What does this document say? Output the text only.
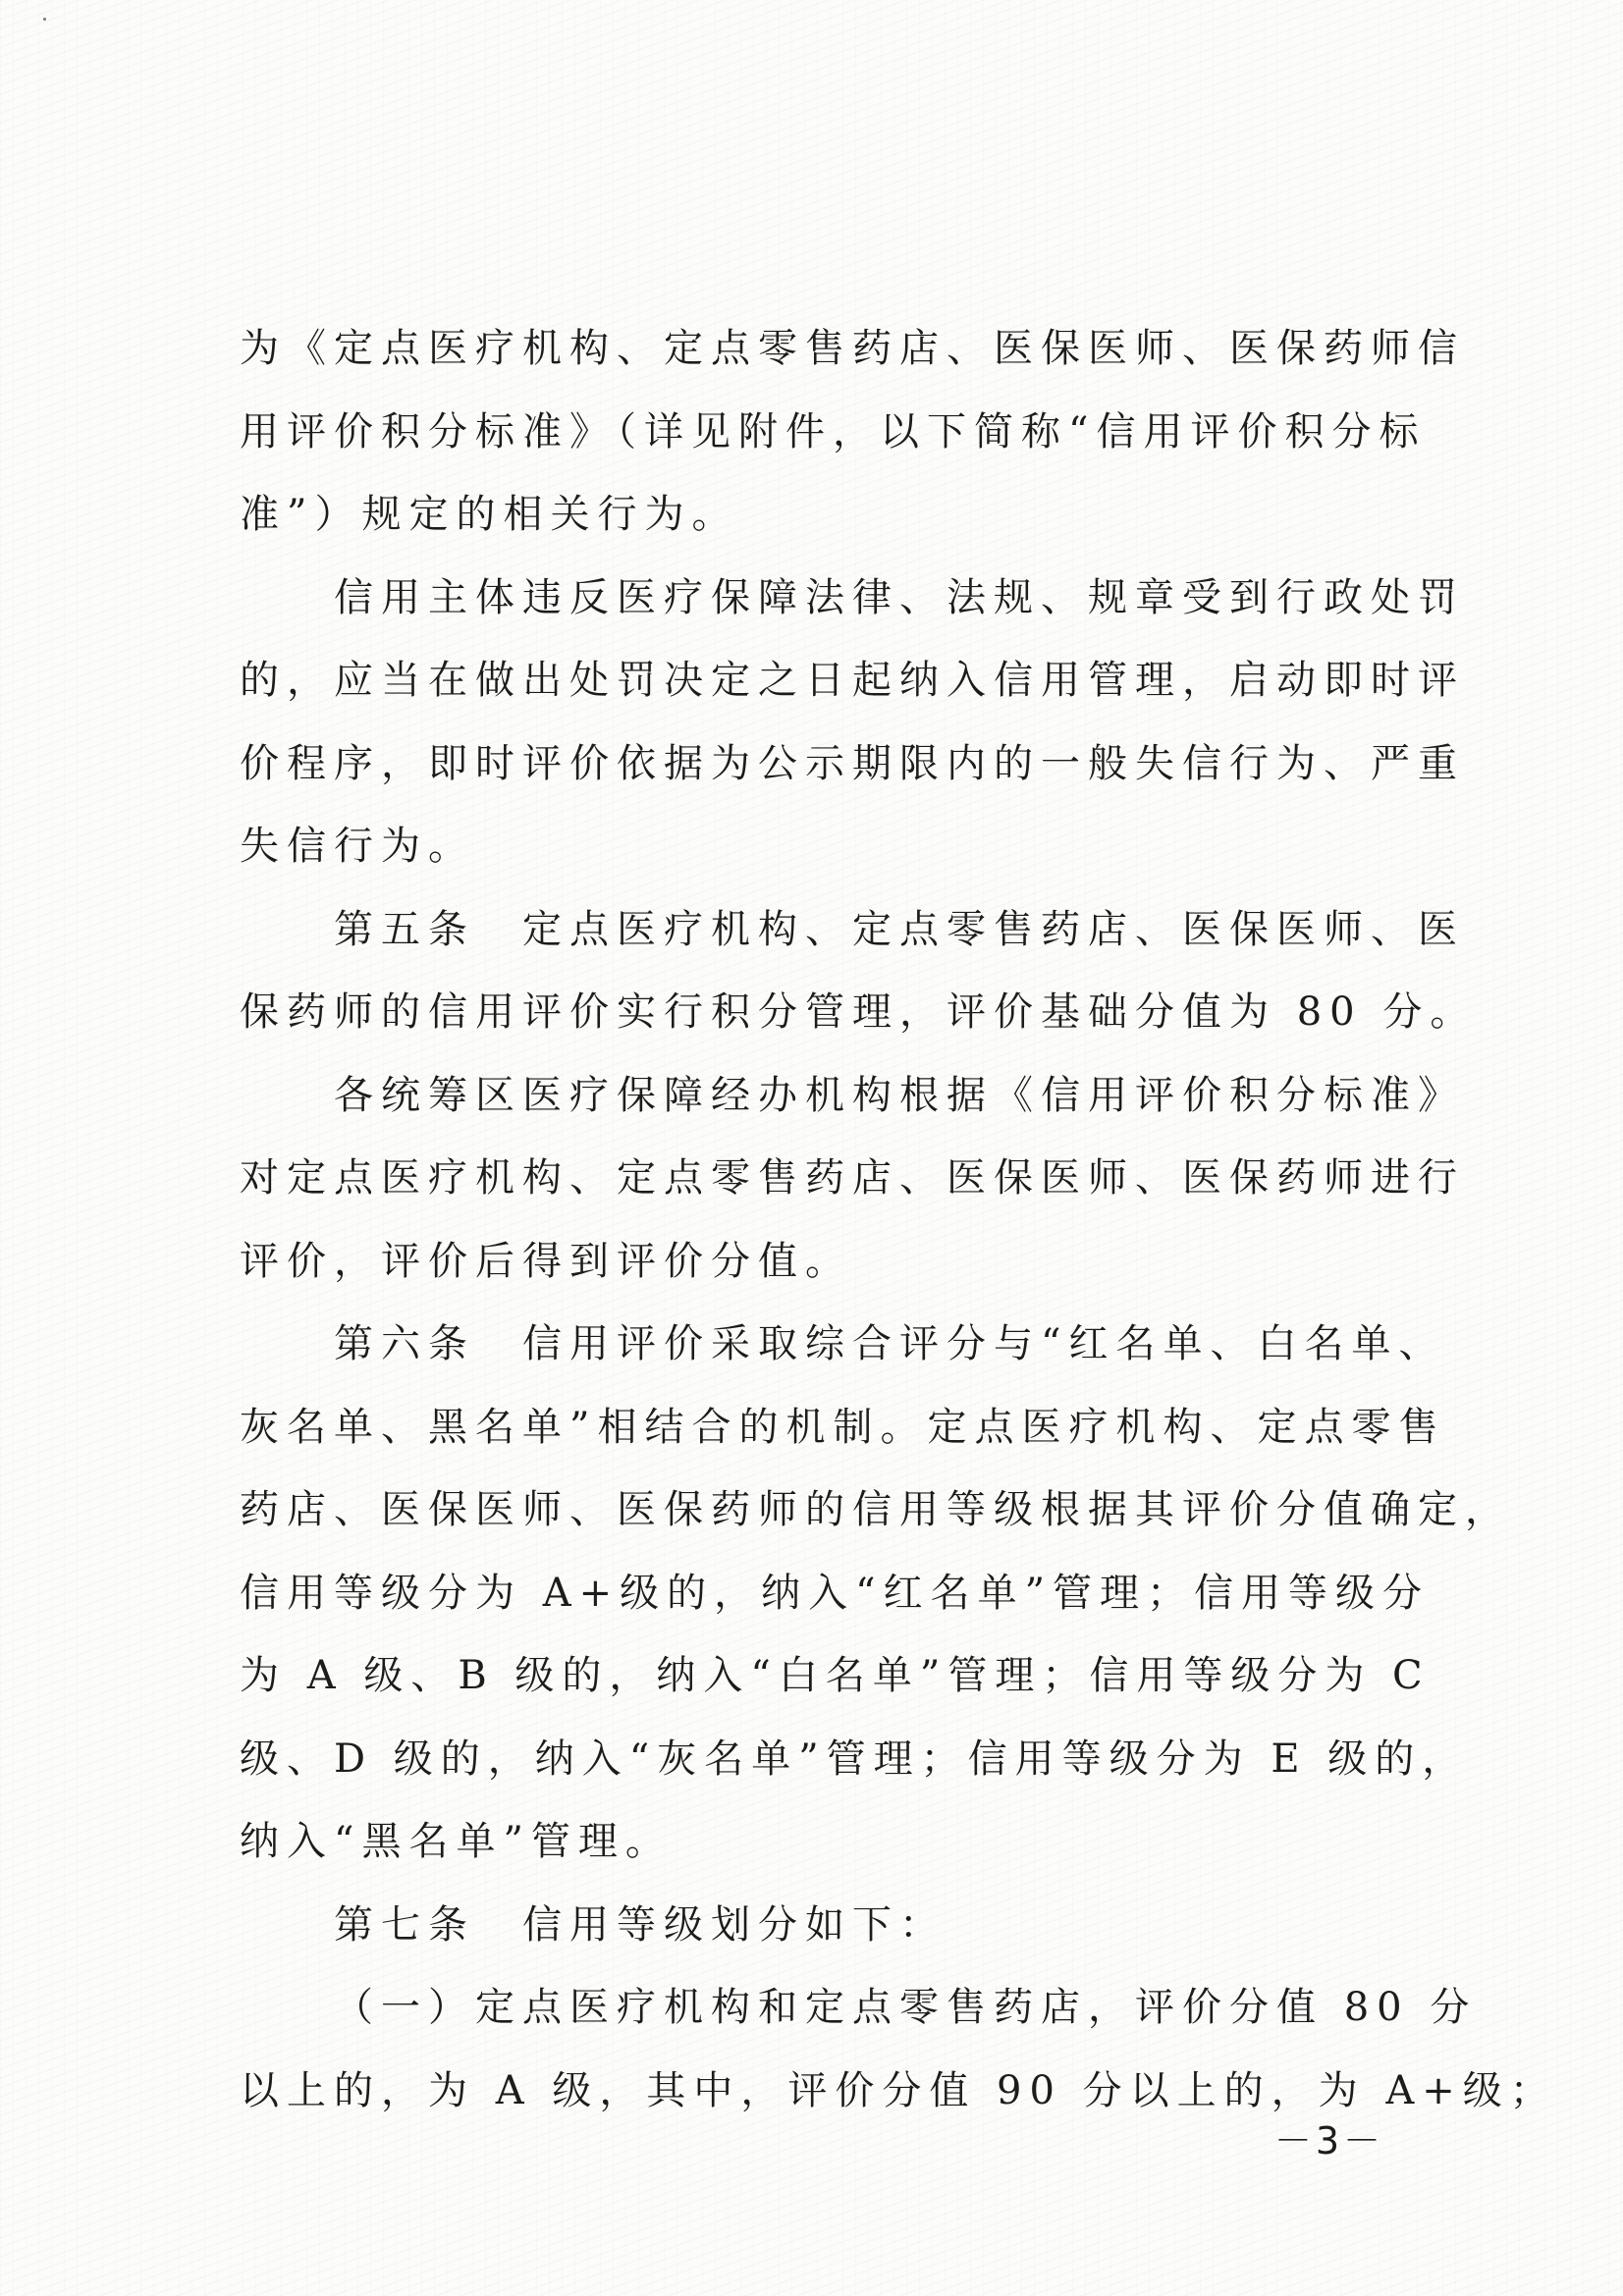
为《定点医疗机构、定点零售药店、医保医师、医保药师信
用评价积分标准》（详见附件，以下简称“信用评价积分标
准”）规定的相关行为。
信用主体违反医疗保障法律、法规、规章受到行政处罚
的，应当在做出处罚决定之日起纳入信用管理，启动即时评
价程序，即时评价依据为公示期限内的一般失信行为、严重
失信行为。
第五条　定点医疗机构、定点零售药店、医保医师、医
保药师的信用评价实行积分管理，评价基础分值为 80 分。
各统筹区医疗保障经办机构根据《信用评价积分标准》
对定点医疗机构、定点零售药店、医保医师、医保药师进行
评价，评价后得到评价分值。
第六条　信用评价采取综合评分与“红名单、白名单、
灰名单、黑名单”相结合的机制。定点医疗机构、定点零售
药店、医保医师、医保药师的信用等级根据其评价分值确定，
信用等级分为 A+级的，纳入“红名单”管理；信用等级分
为 A 级、B 级的，纳入“白名单”管理；信用等级分为 C
级、D 级的，纳入“灰名单”管理；信用等级分为 E 级的，
纳入“黑名单”管理。
第七条　信用等级划分如下：
（一）定点医疗机构和定点零售药店，评价分值 80 分
以上的，为 A 级，其中，评价分值 90 分以上的，为 A+级；
－3－
